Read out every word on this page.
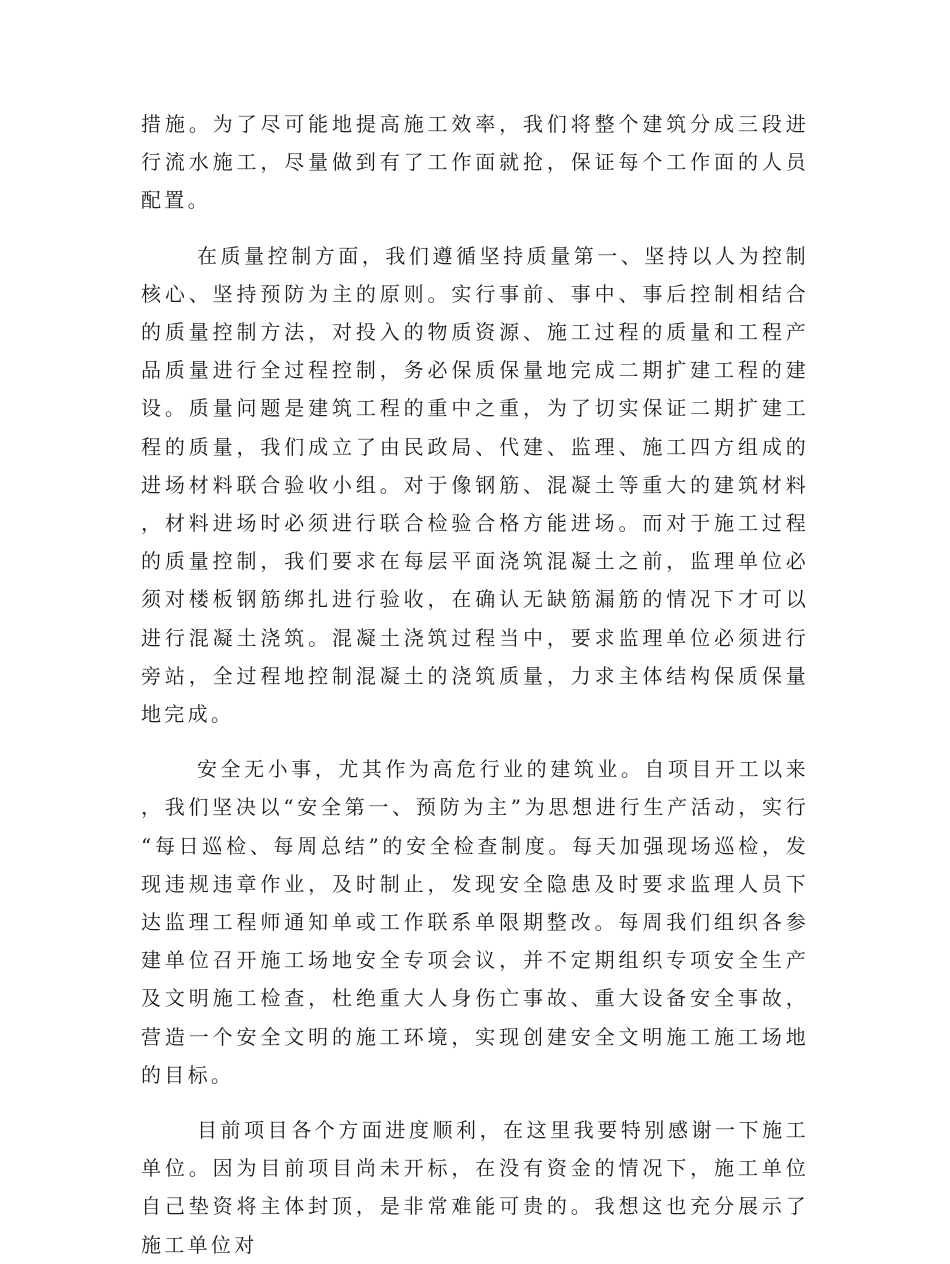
措施。为了尽可能地提高施工效率，我们将整个建筑分成三段进行流水施工，尽量做到有了工作面就抢，保证每个工作面的人员配置。

在质量控制方面，我们遵循坚持质量第一、坚持以人为控制核心、坚持预防为主的原则。实行事前、事中、事后控制相结合的质量控制方法，对投入的物质资源、施工过程的质量和工程产品质量进行全过程控制，务必保质保量地完成二期扩建工程的建设。质量问题是建筑工程的重中之重，为了切实保证二期扩建工程的质量，我们成立了由民政局、代建、监理、施工四方组成的进场材料联合验收小组。对于像钢筋、混凝土等重大的建筑材料，材料进场时必须进行联合检验合格方能进场。而对于施工过程的质量控制，我们要求在每层平面浇筑混凝土之前，监理单位必须对楼板钢筋绑扎进行验收，在确认无缺筋漏筋的情况下才可以进行混凝土浇筑。混凝土浇筑过程当中，要求监理单位必须进行旁站，全过程地控制混凝土的浇筑质量，力求主体结构保质保量地完成。

安全无小事，尤其作为高危行业的建筑业。自项目开工以来，我们坚决以“安全第一、预防为主”为思想进行生产活动，实行“每日巡检、每周总结”的安全检查制度。每天加强现场巡检，发现违规违章作业，及时制止，发现安全隐患及时要求监理人员下达监理工程师通知单或工作联系单限期整改。每周我们组织各参建单位召开施工场地安全专项会议，并不定期组织专项安全生产及文明施工检查，杜绝重大人身伤亡事故、重大设备安全事故，营造一个安全文明的施工环境，实现创建安全文明施工施工场地的目标。

目前项目各个方面进度顺利，在这里我要特别感谢一下施工单位。因为目前项目尚未开标，在没有资金的情况下，施工单位自己垫资将主体封顶，是非常难能可贵的。我想这也充分展示了施工单位对
